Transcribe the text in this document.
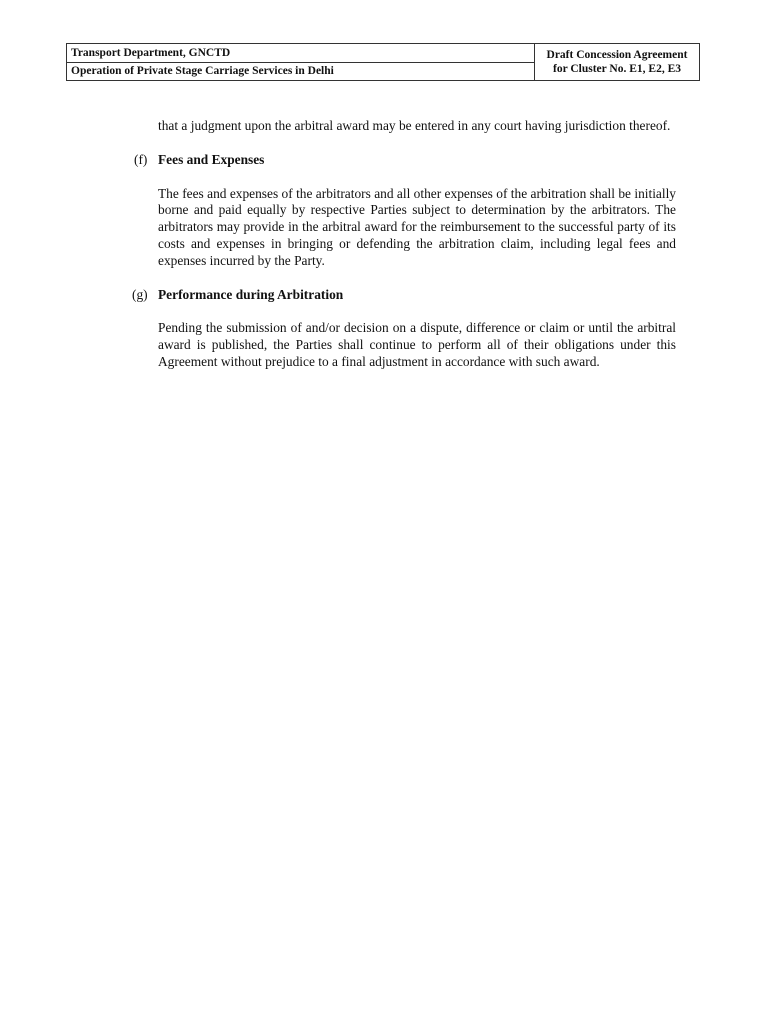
Transport Department, GNCTD
Operation of Private Stage Carriage Services in Delhi
Draft Concession Agreement
for Cluster No. E1, E2, E3

that a judgment upon the arbitral award may be entered in any court having jurisdiction thereof.

(f) Fees and Expenses

The fees and expenses of the arbitrators and all other expenses of the arbitration shall be initially borne and paid equally by respective Parties subject to determination by the arbitrators. The arbitrators may provide in the arbitral award for the reimbursement to the successful party of its costs and expenses in bringing or defending the arbitration claim, including legal fees and expenses incurred by the Party.

(g) Performance during Arbitration

Pending the submission of and/or decision on a dispute, difference or claim or until the arbitral award is published, the Parties shall continue to perform all of their obligations under this Agreement without prejudice to a final adjustment in accordance with such award.
